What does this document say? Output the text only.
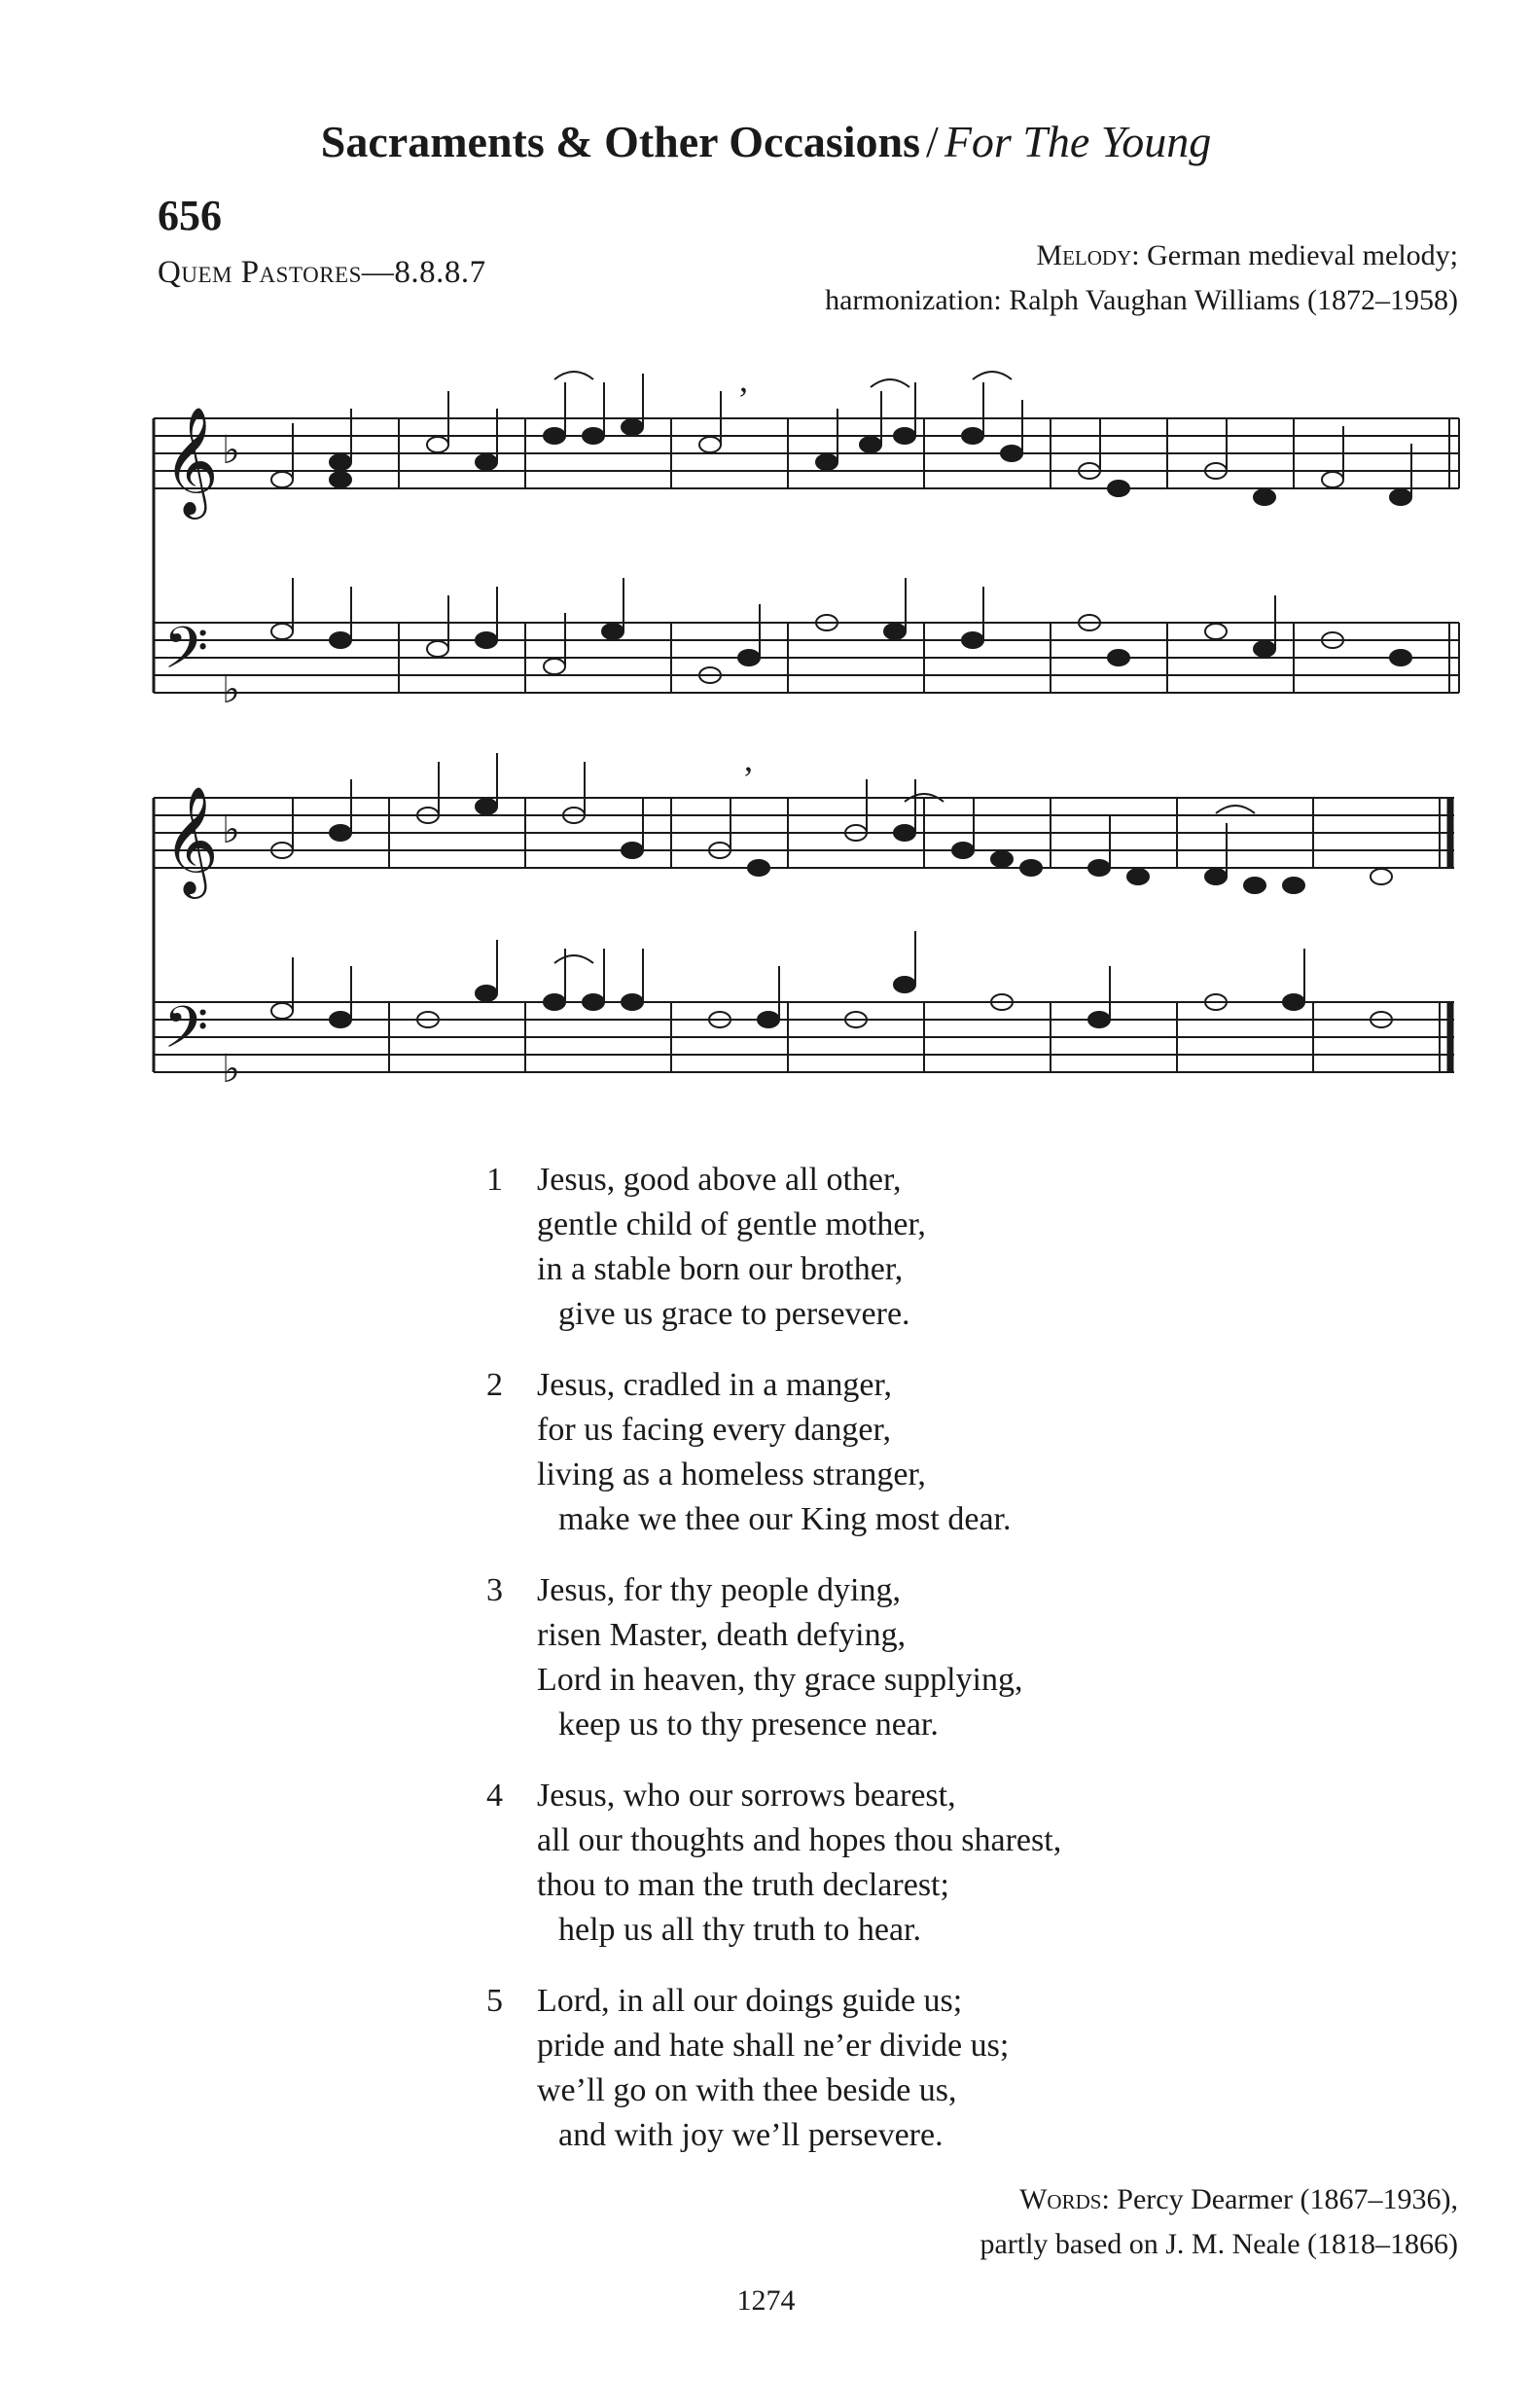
Sacraments & Other Occasions / For The Young
656
Quem Pastores—8.8.8.7	Melody: German medieval melody;
harmonization: Ralph Vaughan Williams (1872–1958)
𝄞
𝄢
𝄞
𝄢
♭
♭
♭
♭
,
,
1 Jesus, good above all other,
gentle child of gentle mother,
in a stable born our brother,
give us grace to persevere.
2 Jesus, cradled in a manger,
for us facing every danger,
living as a homeless stranger,
make we thee our King most dear.
3 Jesus, for thy people dying,
risen Master, death defying,
Lord in heaven, thy grace supplying,
keep us to thy presence near.
4 Jesus, who our sorrows bearest,
all our thoughts and hopes thou sharest,
thou to man the truth declarest;
help us all thy truth to hear.
5 Lord, in all our doings guide us;
pride and hate shall ne’er divide us;
we’ll go on with thee beside us,
and with joy we’ll persevere.
Words: Percy Dearmer (1867–1936),
partly based on J. M. Neale (1818–1866)
1274
